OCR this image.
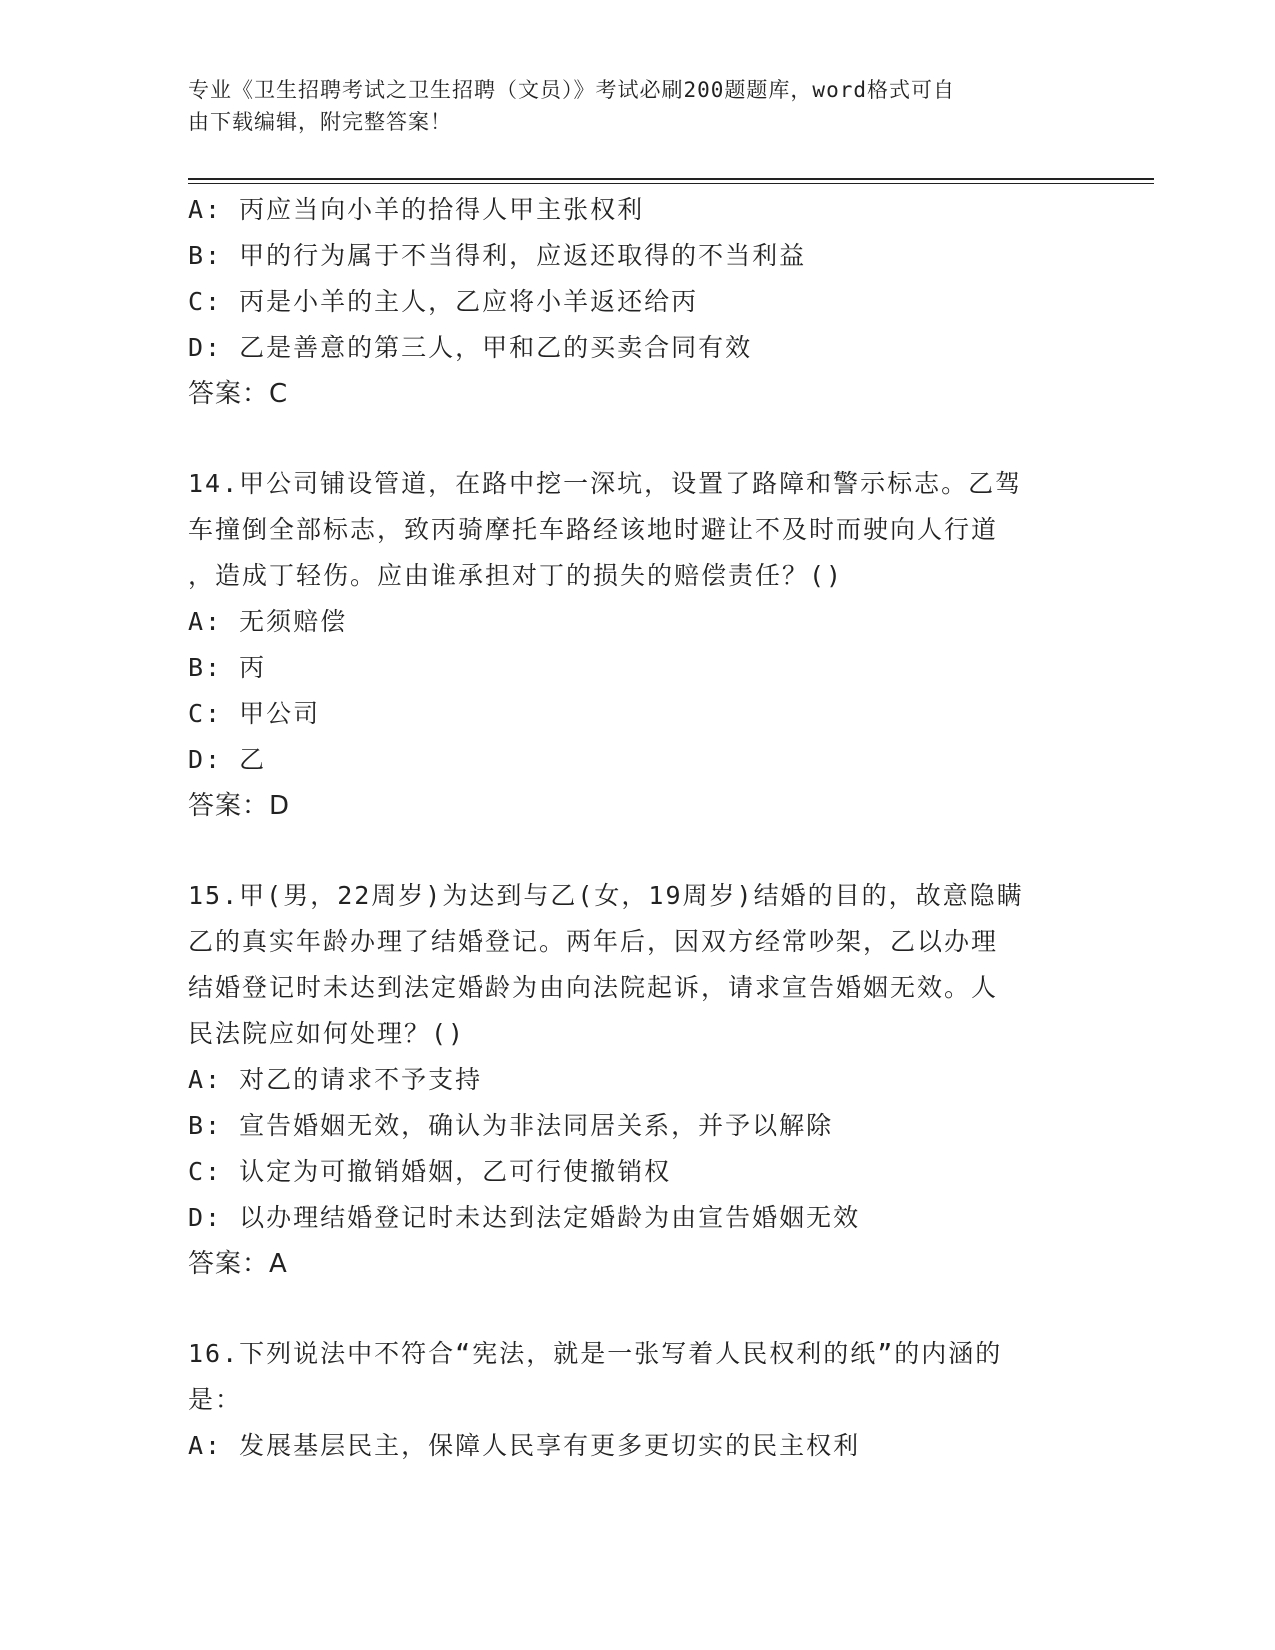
专业《卫生招聘考试之卫生招聘（文员）》考试必刷200题题库，word格式可自
由下载编辑，附完整答案！
A: 丙应当向小羊的拾得人甲主张权利
B: 甲的行为属于不当得利，应返还取得的不当利益
C: 丙是小羊的主人，乙应将小羊返还给丙
D: 乙是善意的第三人，甲和乙的买卖合同有效
答案：C
14.甲公司铺设管道，在路中挖一深坑，设置了路障和警示标志。乙驾
车撞倒全部标志，致丙骑摩托车路经该地时避让不及时而驶向人行道
，造成丁轻伤。应由谁承担对丁的损失的赔偿责任？()
A: 无须赔偿
B: 丙
C: 甲公司
D: 乙
答案：D
15.甲(男，22周岁)为达到与乙(女，19周岁)结婚的目的，故意隐瞒
乙的真实年龄办理了结婚登记。两年后，因双方经常吵架，乙以办理
结婚登记时未达到法定婚龄为由向法院起诉，请求宣告婚姻无效。人
民法院应如何处理？()
A: 对乙的请求不予支持
B: 宣告婚姻无效，确认为非法同居关系，并予以解除
C: 认定为可撤销婚姻，乙可行使撤销权
D: 以办理结婚登记时未达到法定婚龄为由宣告婚姻无效
答案：A
16.下列说法中不符合“宪法，就是一张写着人民权利的纸”的内涵的
是：
A: 发展基层民主，保障人民享有更多更切实的民主权利
